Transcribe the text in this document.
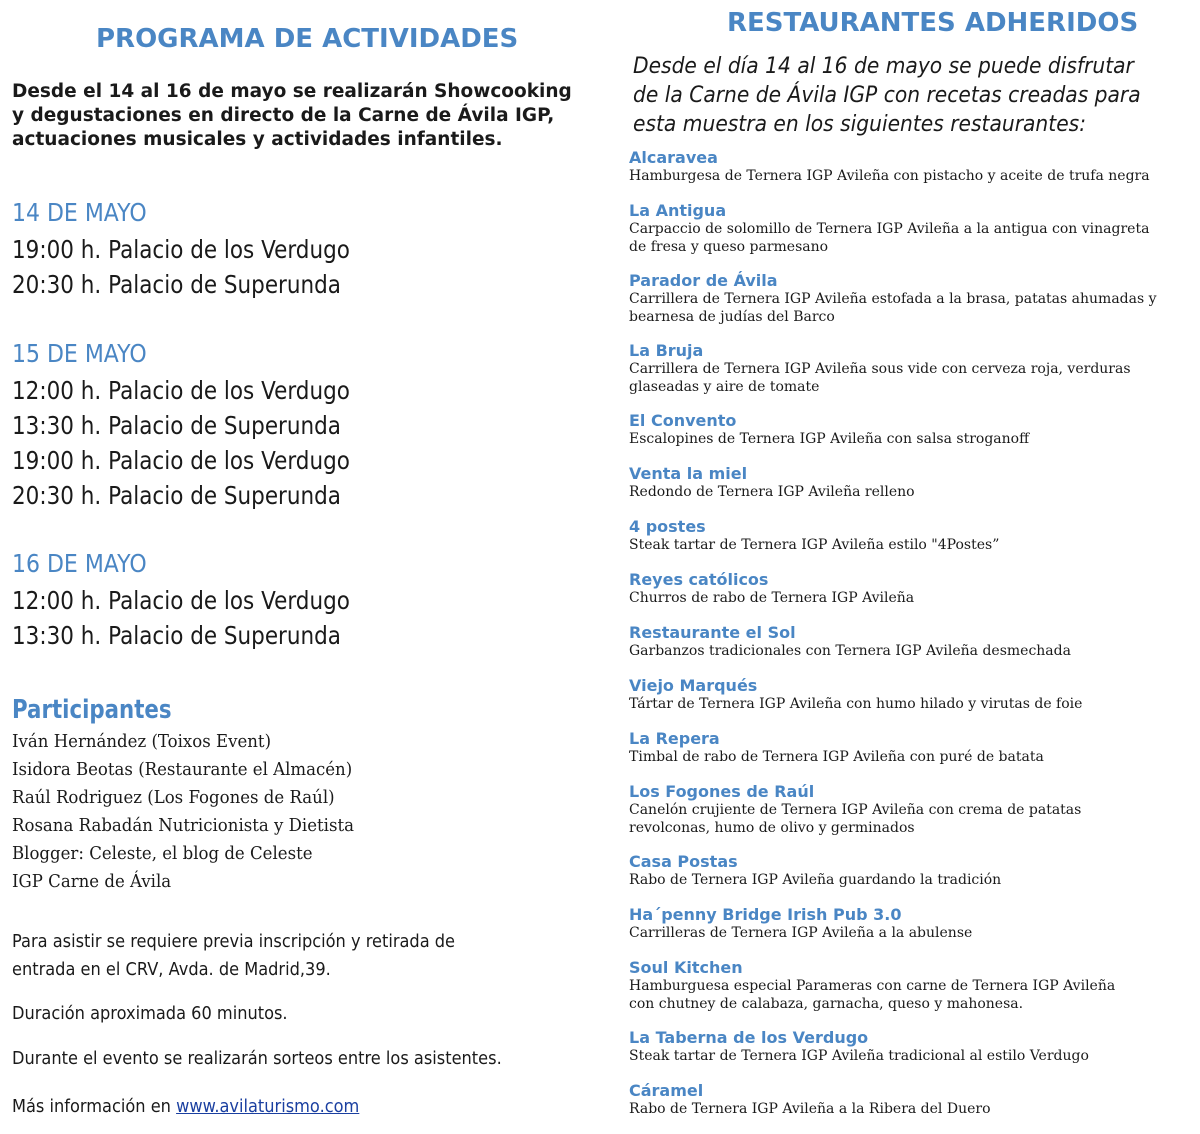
PROGRAMA DE ACTIVIDADES
Desde el 14 al 16 de mayo se realizarán Showcooking
y degustaciones en directo de la Carne de Ávila IGP,
actuaciones musicales y actividades infantiles.
14 DE MAYO
19:00 h. Palacio de los Verdugo
20:30 h. Palacio de Superunda
15 DE MAYO
12:00 h. Palacio de los Verdugo
13:30 h. Palacio de Superunda
19:00 h. Palacio de los Verdugo
20:30 h. Palacio de Superunda
16 DE MAYO
12:00 h. Palacio de los Verdugo
13:30 h. Palacio de Superunda
Participantes
Iván Hernández (Toixos Event)
Isidora Beotas (Restaurante el Almacén)
Raúl Rodriguez (Los Fogones de Raúl)
Rosana Rabadán Nutricionista y Dietista
Blogger: Celeste, el blog de Celeste
IGP Carne de Ávila
Para asistir se requiere previa inscripción y retirada de
entrada en el CRV, Avda. de Madrid,39.
Duración aproximada 60 minutos.
Durante el evento se realizarán sorteos entre los asistentes.
Más información en www.avilaturismo.com
RESTAURANTES ADHERIDOS
Desde el día 14 al 16 de mayo se puede disfrutar
de la Carne de Ávila IGP con recetas creadas para
esta muestra en los siguientes restaurantes:
Alcaravea
Hamburgesa de Ternera IGP Avileña con pistacho y aceite de trufa negra
La Antigua
Carpaccio de solomillo de Ternera IGP Avileña a la antigua con vinagreta
de fresa y queso parmesano
Parador de Ávila
Carrillera de Ternera IGP Avileña estofada a la brasa, patatas ahumadas y
bearnesa de judías del Barco
La Bruja
Carrillera de Ternera IGP Avileña sous vide con cerveza roja, verduras
glaseadas y aire de tomate
El Convento
Escalopines de Ternera IGP Avileña con salsa stroganoff
Venta la miel
Redondo de Ternera IGP Avileña relleno
4 postes
Steak tartar de Ternera IGP Avileña estilo "4Postes”
Reyes católicos
Churros de rabo de Ternera IGP Avileña
Restaurante el Sol
Garbanzos tradicionales con Ternera IGP Avileña desmechada
Viejo Marqués
Tártar de Ternera IGP Avileña con humo hilado y virutas de foie
La Repera
Timbal de rabo de Ternera IGP Avileña con puré de batata
Los Fogones de Raúl
Canelón crujiente de Ternera IGP Avileña con crema de patatas
revolconas, humo de olivo y germinados
Casa Postas
Rabo de Ternera IGP Avileña guardando la tradición
Ha´penny Bridge Irish Pub 3.0
Carrilleras de Ternera IGP Avileña a la abulense
Soul Kitchen
Hamburguesa especial Parameras con carne de Ternera IGP Avileña
con chutney de calabaza, garnacha, queso y mahonesa.
La Taberna de los Verdugo
Steak tartar de Ternera IGP Avileña tradicional al estilo Verdugo
Cáramel
Rabo de Ternera IGP Avileña a la Ribera del Duero
